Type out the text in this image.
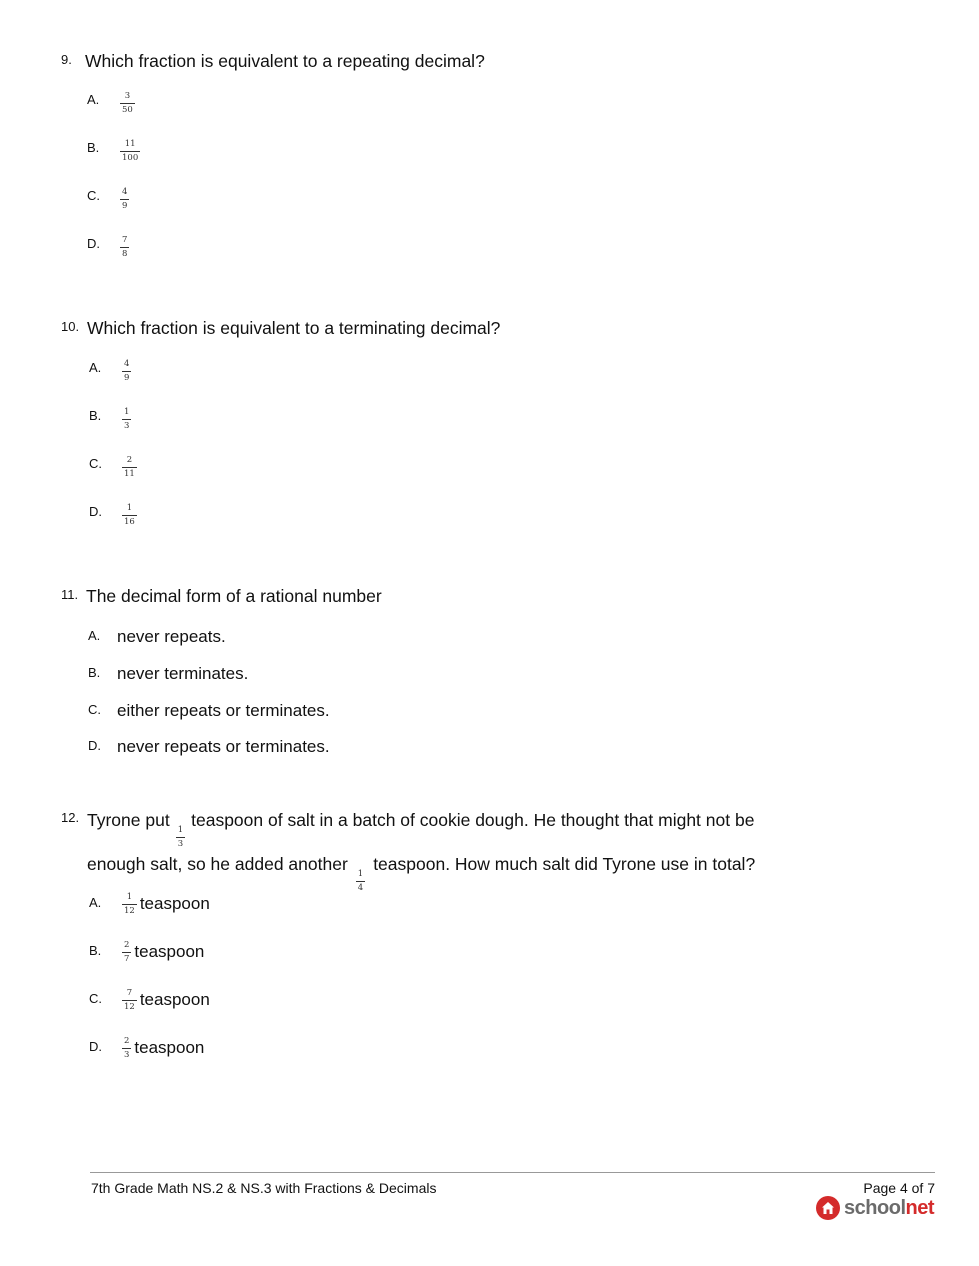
9. Which fraction is equivalent to a repeating decimal?
A. $\frac{3}{50}$
B. $\frac{11}{100}$
C. $\frac{4}{9}$
D. $\frac{7}{8}$
10. Which fraction is equivalent to a terminating decimal?
A. $\frac{4}{9}$
B. $\frac{1}{3}$
C. $\frac{2}{11}$
D. $\frac{1}{16}$
11. The decimal form of a rational number
A. never repeats.
B. never terminates.
C. either repeats or terminates.
D. never repeats or terminates.
12. Tyrone put
$\frac{1}{3}$
teaspoon of salt in a batch of cookie dough. He thought that might not be
enough salt, so he added another
$\frac{1}{4}$
teaspoon. How much salt did Tyrone use in total?
A. $\frac{1}{12}$ teaspoon
B. $\frac{2}{7}$ teaspoon
C. $\frac{7}{12}$ teaspoon
D. $\frac{2}{3}$ teaspoon
7th Grade Math NS.2 & NS.3 with Fractions & Decimals	Page 4 of 7
schoolnet
